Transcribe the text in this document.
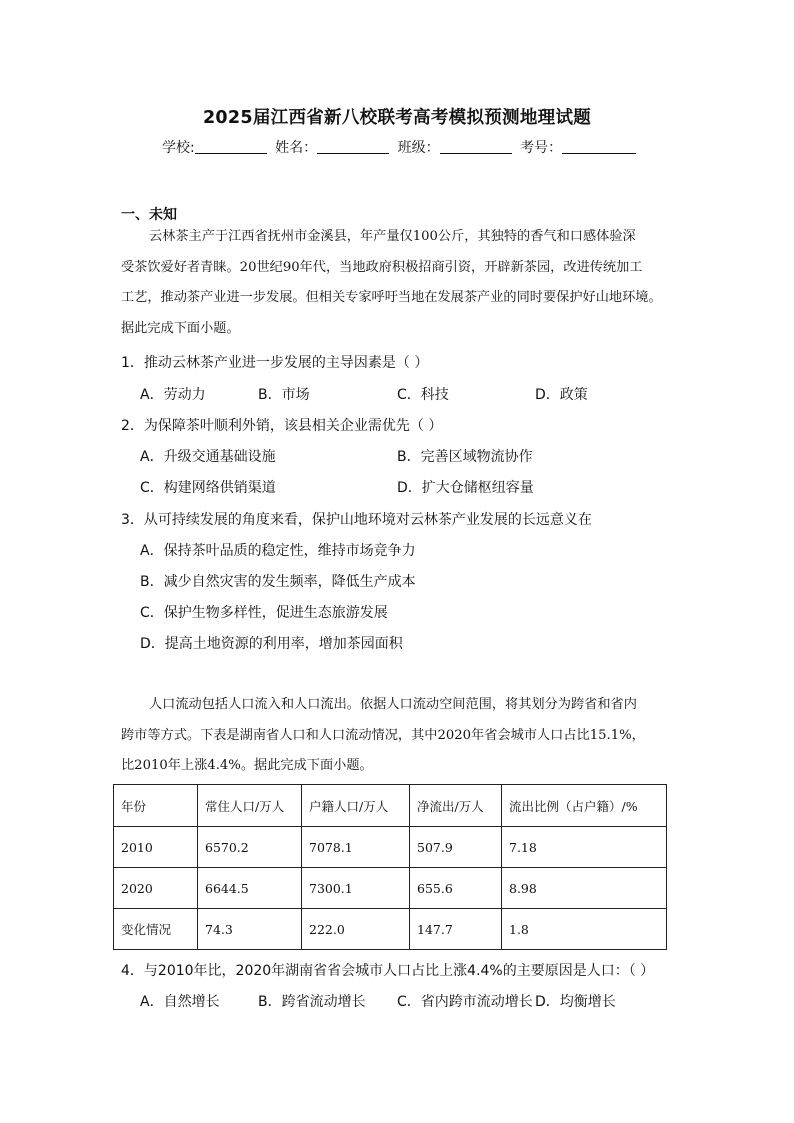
2025届江西省新八校联考高考模拟预测地理试题
学校:	姓名：	班级：	考号：
一、未知
云林茶主产于江西省抚州市金溪县，年产量仅100公斤，其独特的香气和口感体验深
受茶饮爱好者青睐。20世纪90年代，当地政府积极招商引资，开辟新茶园，改进传统加工
工艺，推动茶产业进一步发展。但相关专家呼吁当地在发展茶产业的同时要保护好山地环境。
据此完成下面小题。
1．推动云林茶产业进一步发展的主导因素是（ ）
A．劳动力	B．市场	C．科技	D．政策
2．为保障茶叶顺利外销，该县相关企业需优先（ ）
A．升级交通基础设施	B．完善区域物流协作
C．构建网络供销渠道	D．扩大仓储枢纽容量
3．从可持续发展的角度来看，保护山地环境对云林茶产业发展的长远意义在
A．保持茶叶品质的稳定性，维持市场竞争力
B．减少自然灾害的发生频率，降低生产成本
C．保护生物多样性，促进生态旅游发展
D．提高土地资源的利用率，增加茶园面积
人口流动包括人口流入和人口流出。依据人口流动空间范围，将其划分为跨省和省内
跨市等方式。下表是湖南省人口和人口流动情况，其中2020年省会城市人口占比15.1%，
比2010年上涨4.4%。据此完成下面小题。
年份	常住人口/万人	户籍人口/万人	净流出/万人	流出比例（占户籍）/%
2010	6570.2	7078.1	507.9	7.18
2020	6644.5	7300.1	655.6	8.98
变化情况	74.3	222.0	147.7	1.8
4．与2010年比，2020年湖南省省会城市人口占比上涨4.4%的主要原因是人口：（ ）
A．自然增长	B．跨省流动增长 C．省内跨市流动增长 D．均衡增长
